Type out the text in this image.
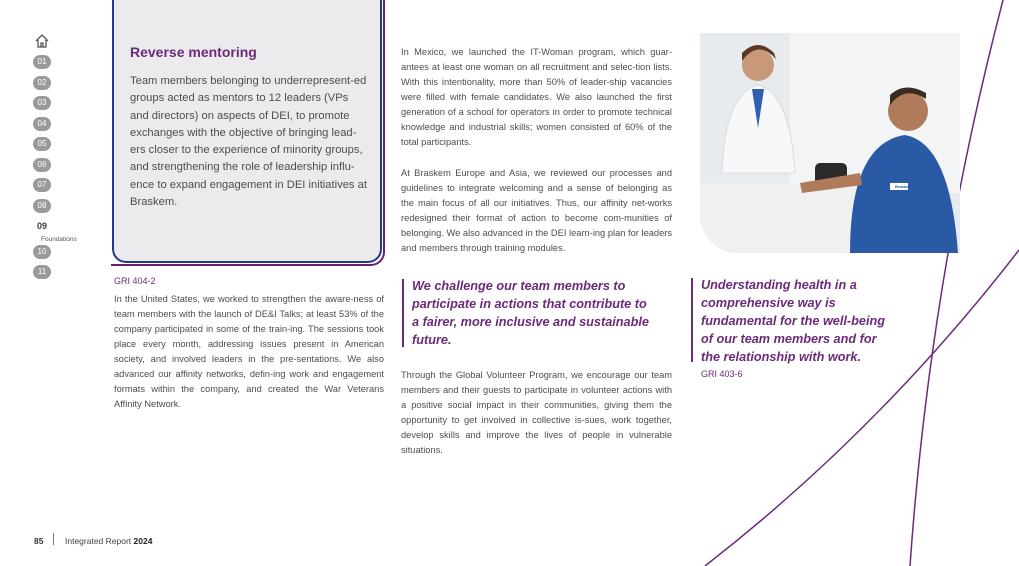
01
02
03
04
05
06
07
08
09
10
11
Foundations
Reverse mentoring
Team members belonging to underrepresent-ed groups acted as mentors to 12 leaders (VPs and directors) on aspects of DEI, to promote exchanges with the objective of bringing lead-ers closer to the experience of minority groups, and strengthening the role of leadership influ-ence to expand engagement in DEI initiatives at Braskem.
GRI 404-2
In the United States, we worked to strengthen the aware-ness of team members with the launch of DE&I Talks; at least 53% of the company participated in some of the train-ing. The sessions took place every month, addressing issues present in American society, and involved leaders in the pre-sentations. We also advanced our affinity networks, defin-ing work and engagement formats within the company, and created the War Veterans Affinity Network.
In Mexico, we launched the IT-Woman program, which guar-antees at least one woman on all recruitment and selec-tion lists. With this intentionality, more than 50% of leader-ship vacancies were filled with female candidates. We also launched the first generation of a school for operators in order to promote technical knowledge and industrial skills; women consisted of 60% of the total participants.
At Braskem Europe and Asia, we reviewed our processes and guidelines to integrate welcoming and a sense of belonging as the main focus of all our initiatives. Thus, our affinity net-works redesigned their format of action to become com-munities of belonging. We also advanced in the DEI learn-ing plan for leaders and members through training modules.
We challenge our team members to participate in actions that contribute to a fairer, more inclusive and sustainable future.
Through the Global Volunteer Program, we encourage our team members and their guests to participate in volunteer actions with a positive social impact in their communities, giving them the opportunity to get involved in collective is-sues, work together, develop skills and improve the lives of people in vulnerable situations.
Braskem
Understanding health in a comprehensive way is fundamental for the well-being of our team members and for the relationship with work.
GRI 403-6
85	Integrated Report 2024
